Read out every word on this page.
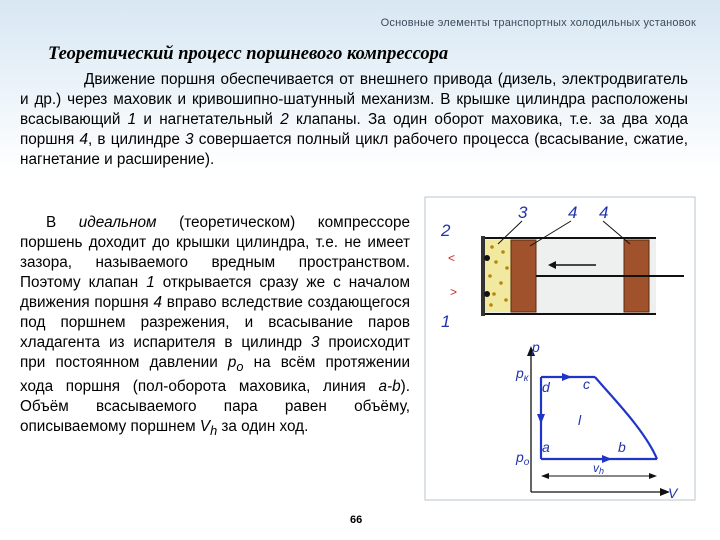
Основные элементы транспортных холодильных установок
Теоретический процесс поршневого компрессора

Движение поршня обеспечивается от внешнего привода (дизель, электродвигатель и др.) через маховик и кривошипно-шатунный механизм. В крышке цилиндра расположены всасывающий 1 и нагнетательный 2 клапаны. За один оборот маховика, т.е. за два хода поршня 4, в цилиндре 3 совершается полный цикл рабочего процесса (всасывание, сжатие, нагнетание и расширение).

В идеальном (теоретическом) компрессоре поршень доходит до крышки цилиндра, т.е. не имеет зазора, называемого вредным пространством. Поэтому клапан 1 открывается сразу же с началом движения поршня 4 вправо вследствие создающегося под поршнем разрежения, и всасывание паров хладагента из испарителя в цилиндр 3 происходит при постоянном давлении $p_о$ на всём протяжении хода поршня (пол-оборота маховика, линия a-b). Объём всасываемого пара равен объёму, описываемому поршнем $V_h$ за один ход.

<
>
2
1
3 4 4
p
V
$p_к$
$p_о$
d c
a	b
l
vh
66
